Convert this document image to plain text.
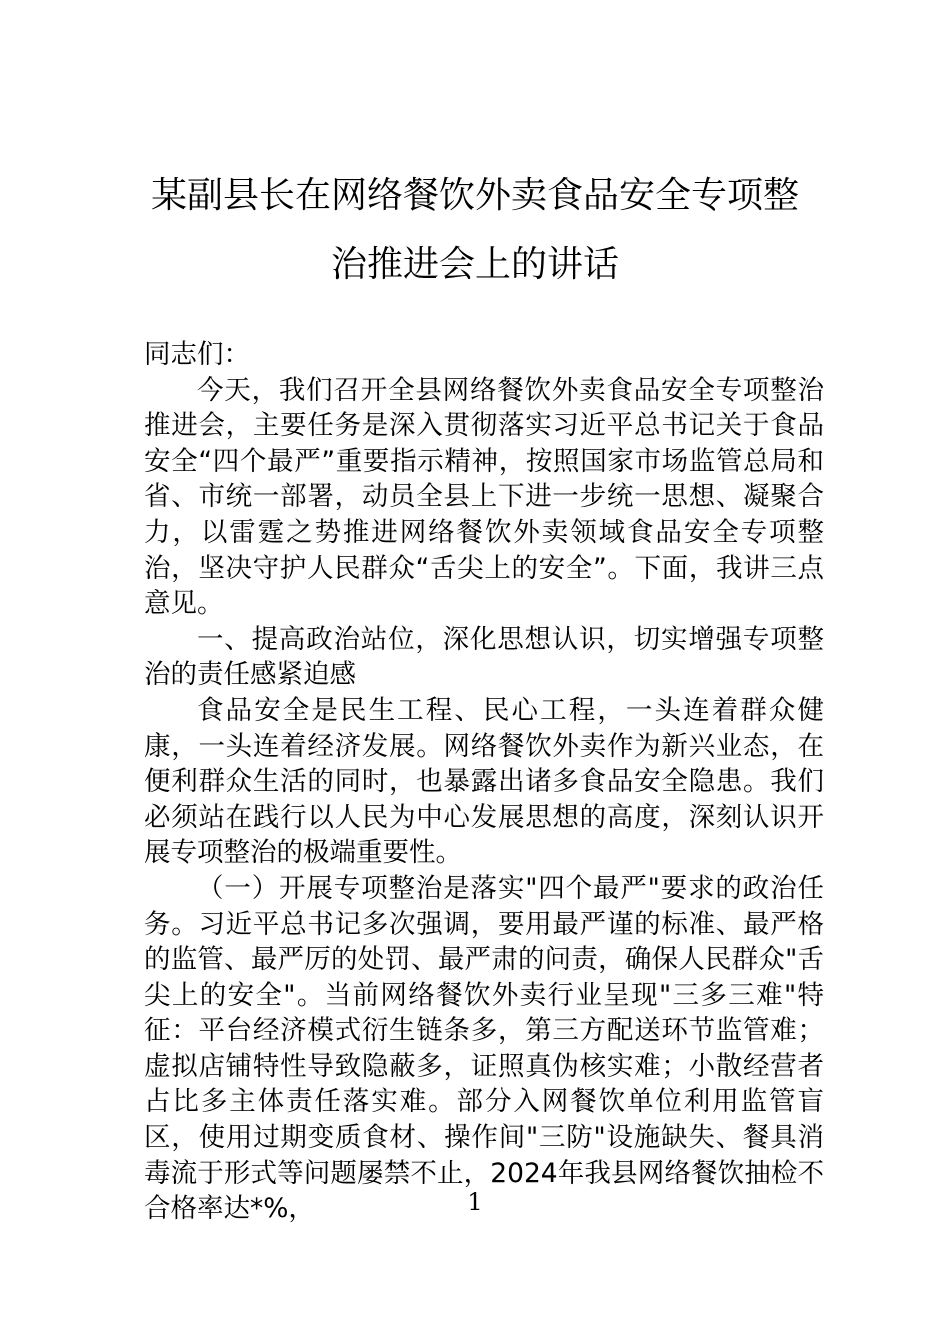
某副县长在网络餐饮外卖食品安全专项整
治推进会上的讲话

同志们：

今天，我们召开全县网络餐饮外卖食品安全专项整治推进会，主要任务是深入贯彻落实习近平总书记关于食品安全“四个最严”重要指示精神，按照国家市场监管总局和省、市统一部署，动员全县上下进一步统一思想、凝聚合力，以雷霆之势推进网络餐饮外卖领域食品安全专项整治，坚决守护人民群众“舌尖上的安全”。下面，我讲三点意见。

一、提高政治站位，深化思想认识，切实增强专项整治的责任感紧迫感

食品安全是民生工程、民心工程，一头连着群众健康，一头连着经济发展。网络餐饮外卖作为新兴业态，在便利群众生活的同时，也暴露出诸多食品安全隐患。我们必须站在践行以人民为中心发展思想的高度，深刻认识开展专项整治的极端重要性。

（一）开展专项整治是落实"四个最严"要求的政治任务。习近平总书记多次强调，要用最严谨的标准、最严格的监管、最严厉的处罚、最严肃的问责，确保人民群众"舌尖上的安全"。当前网络餐饮外卖行业呈现"三多三难"特征：平台经济模式衍生链条多，第三方配送环节监管难；虚拟店铺特性导致隐蔽多，证照真伪核实难；小散经营者占比多主体责任落实难。部分入网餐饮单位利用监管盲区，使用过期变质食材、操作间"三防"设施缺失、餐具消毒流于形式等问题屡禁不止，2024年我县网络餐饮抽检不合格率达*%，	1
